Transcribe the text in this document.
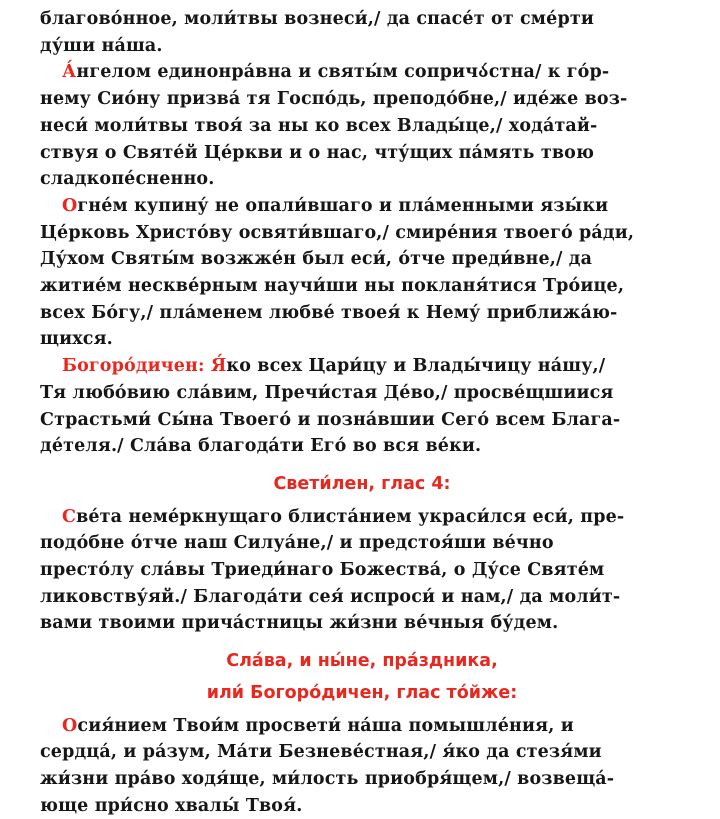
благово́нное, моли́твы вознеси́,/ да спасе́т от сме́рти
ду́ши на́ша.
А́нгелом единонра́вна и святы́м сопричა́стна/ к го́р-
нему Сио́ну призва́ тя Госпо́дь, преподо́бне,/ иде́же воз-
неси́ моли́твы твоя́ за ны ко всех Влады́це,/ хода́тай-
ствуя о Святе́й Це́ркви и о нас, чту́щих па́мять твою
сладкопе́сненно.
Огне́м купину́ не опали́вшаго и пла́менными язы́ки
Це́рковь Христо́ву освяти́вшаго,/ смире́ния твоего́ ра́ди,
Ду́хом Святы́м возжже́н был еси́, о́тче преди́вне,/ да
житие́м нескве́рным научи́ши ны покланя́тися Тро́ице,
всех Бо́гу,/ пла́менем любве́ твоея́ к Нему́ приближа́ю-
щихся.
Богоро́дичен: Я́ко всех Цари́цу и Влады́чицу на́шу,/
Тя любо́вию сла́вим, Пречи́стая Де́во,/ просве́щшиися
Страстьми́ Сы́на Твоего́ и позна́вшии Сего́ всем Блага-
де́теля./ Сла́ва благода́ти Его́ во вся ве́ки.
Свети́лен, глас 4:
Све́та неме́ркнущаго блиста́нием украси́лся еси́, пре-
подо́бне о́тче наш Силуа́не,/ и предстоя́ши ве́чно
престо́лу сла́вы Триеди́наго Божества́, о Ду́се Святе́м
ликовству́яй./ Благода́ти сея́ испроси́ и нам,/ да моли́т-
вами твоими прича́стницы жи́зни ве́чныя бу́дем.
Сла́ва, и ны́не, пра́здника,
или́ Богоро́дичен, глас то́йже:
Осия́нием Твои́м просвети́ на́ша помышле́ния, и
сердца́, и ра́зум, Ма́ти Безневе́стная,/ я́ко да стезя́ми
жи́зни пра́во ходя́ще, ми́лость приобря́щем,/ возвеща́-
юще при́сно хвалы́ Твоя́.
